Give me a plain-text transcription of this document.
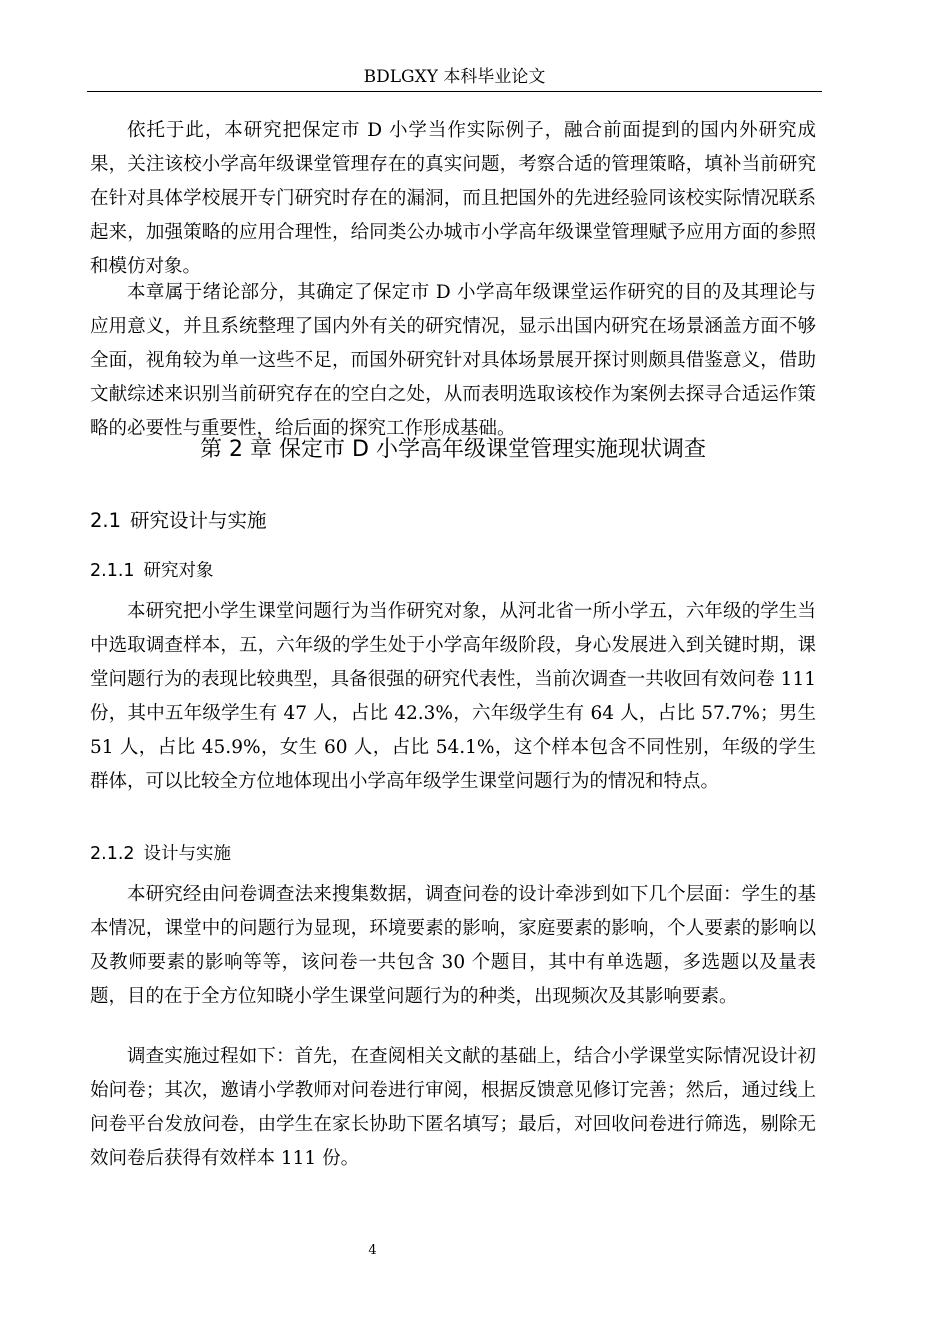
BDLGXY 本科毕业论文

依托于此，本研究把保定市 D 小学当作实际例子，融合前面提到的国内外研究成果，关注该校小学高年级课堂管理存在的真实问题，考察合适的管理策略，填补当前研究在针对具体学校展开专门研究时存在的漏洞，而且把国外的先进经验同该校实际情况联系起来，加强策略的应用合理性，给同类公办城市小学高年级课堂管理赋予应用方面的参照和模仿对象。

本章属于绪论部分，其确定了保定市 D 小学高年级课堂运作研究的目的及其理论与应用意义，并且系统整理了国内外有关的研究情况，显示出国内研究在场景涵盖方面不够全面，视角较为单一这些不足，而国外研究针对具体场景展开探讨则颇具借鉴意义，借助文献综述来识别当前研究存在的空白之处，从而表明选取该校作为案例去探寻合适运作策略的必要性与重要性，给后面的探究工作形成基础。

第 2 章 保定市 D 小学高年级课堂管理实施现状调查
2.1 研究设计与实施
2.1.1 研究对象

本研究把小学生课堂问题行为当作研究对象，从河北省一所小学五，六年级的学生当中选取调查样本，五，六年级的学生处于小学高年级阶段，身心发展进入到关键时期，课堂问题行为的表现比较典型，具备很强的研究代表性，当前次调查一共收回有效问卷 111 份，其中五年级学生有 47 人，占比 42.3%，六年级学生有 64 人，占比 57.7%；男生 51 人，占比 45.9%，女生 60 人，占比 54.1%，这个样本包含不同性别，年级的学生群体，可以比较全方位地体现出小学高年级学生课堂问题行为的情况和特点。

2.1.2 设计与实施

本研究经由问卷调查法来搜集数据，调查问卷的设计牵涉到如下几个层面：学生的基本情况，课堂中的问题行为显现，环境要素的影响，家庭要素的影响，个人要素的影响以及教师要素的影响等等，该问卷一共包含 30 个题目，其中有单选题，多选题以及量表题，目的在于全方位知晓小学生课堂问题行为的种类，出现频次及其影响要素。

调查实施过程如下：首先，在查阅相关文献的基础上，结合小学课堂实际情况设计初始问卷；其次，邀请小学教师对问卷进行审阅，根据反馈意见修订完善；然后，通过线上问卷平台发放问卷，由学生在家长协助下匿名填写；最后，对回收问卷进行筛选，剔除无效问卷后获得有效样本 111 份。

4
